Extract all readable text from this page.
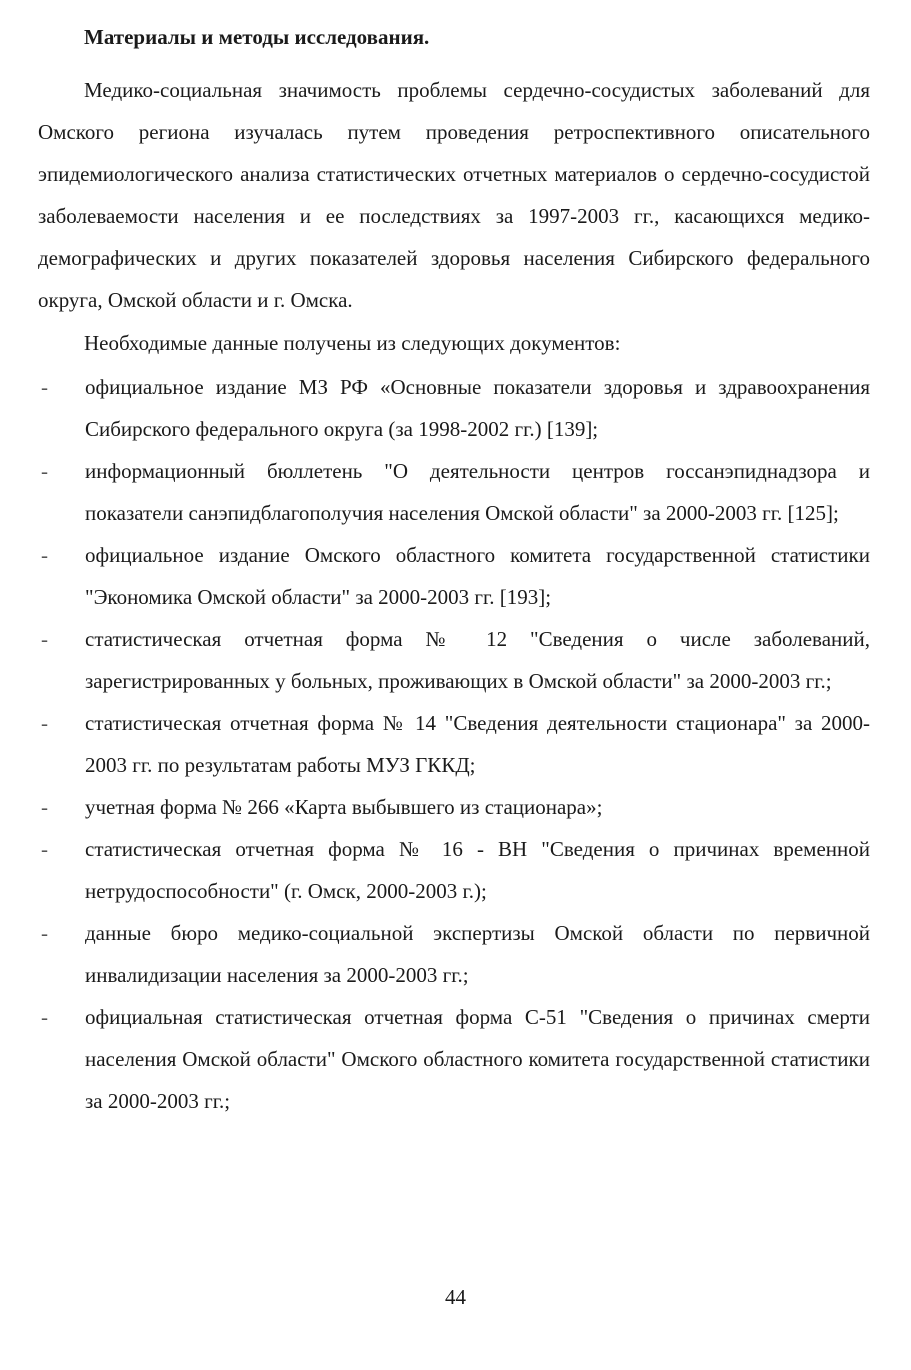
Материалы и методы исследования.

Медико-социальная значимость проблемы сердечно-сосудистых заболеваний для Омского региона изучалась путем проведения ретроспективного описательного эпидемиологического анализа статистических отчетных материалов о сердечно-сосудистой заболеваемости населения и ее последствиях за 1997-2003 гг., касающихся медико-демографических и других показателей здоровья населения Сибирского федерального округа, Омской области и г. Омска.

Необходимые данные получены из следующих документов:

- официальное издание МЗ РФ «Основные показатели здоровья и здравоохранения Сибирского федерального округа (за 1998-2002 гг.) [139];
- информационный бюллетень "О деятельности центров госсанэпиднадзора и показатели санэпидблагополучия населения Омской области" за 2000-2003 гг. [125];
- официальное издание Омского областного комитета государственной статистики "Экономика Омской области" за 2000-2003 гг. [193];
- статистическая отчетная форма № 12 "Сведения о числе заболеваний, зарегистрированных у больных, проживающих в Омской области" за 2000-2003 гг.;
- статистическая отчетная форма № 14 "Сведения деятельности стационара" за 2000-2003 гг. по результатам работы МУЗ ГККД;
- учетная форма № 266 «Карта выбывшего из стационара»;
- статистическая отчетная форма № 16 - ВН "Сведения о причинах временной нетрудоспособности" (г. Омск, 2000-2003 г.);
- данные бюро медико-социальной экспертизы Омской области по первичной инвалидизации населения за 2000-2003 гг.;
- официальная статистическая отчетная форма С-51 "Сведения о причинах смерти населения Омской области" Омского областного комитета государственной статистики за 2000-2003 гг.;
44
